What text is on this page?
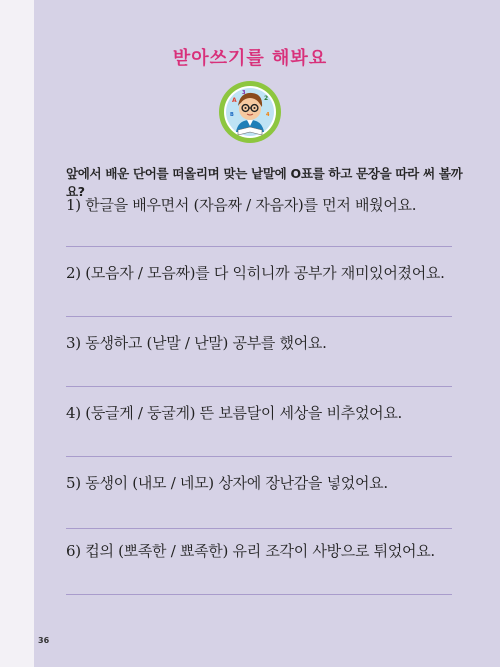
받아쓰기를 해봐요
A	2
B	4
3
앞에서 배운 단어를 떠올리며 맞는 낱말에 O표를 하고 문장을 따라 써 볼까요?
1) 한글을 배우면서 (자음짜 / 자음자)를 먼저 배웠어요.
2) (모음자 / 모음짜)를 다 익히니까 공부가 재미있어졌어요.
3) 동생하고 (낟말 / 난말) 공부를 했어요.
4) (둥글게 / 둥굴게) 뜬 보름달이 세상을 비추었어요.
5) 동생이 (내모 / 네모) 상자에 장난감을 넣었어요.
6) 컵의 (뽀족한 / 뾰족한) 유리 조각이 사방으로 튀었어요.
36
